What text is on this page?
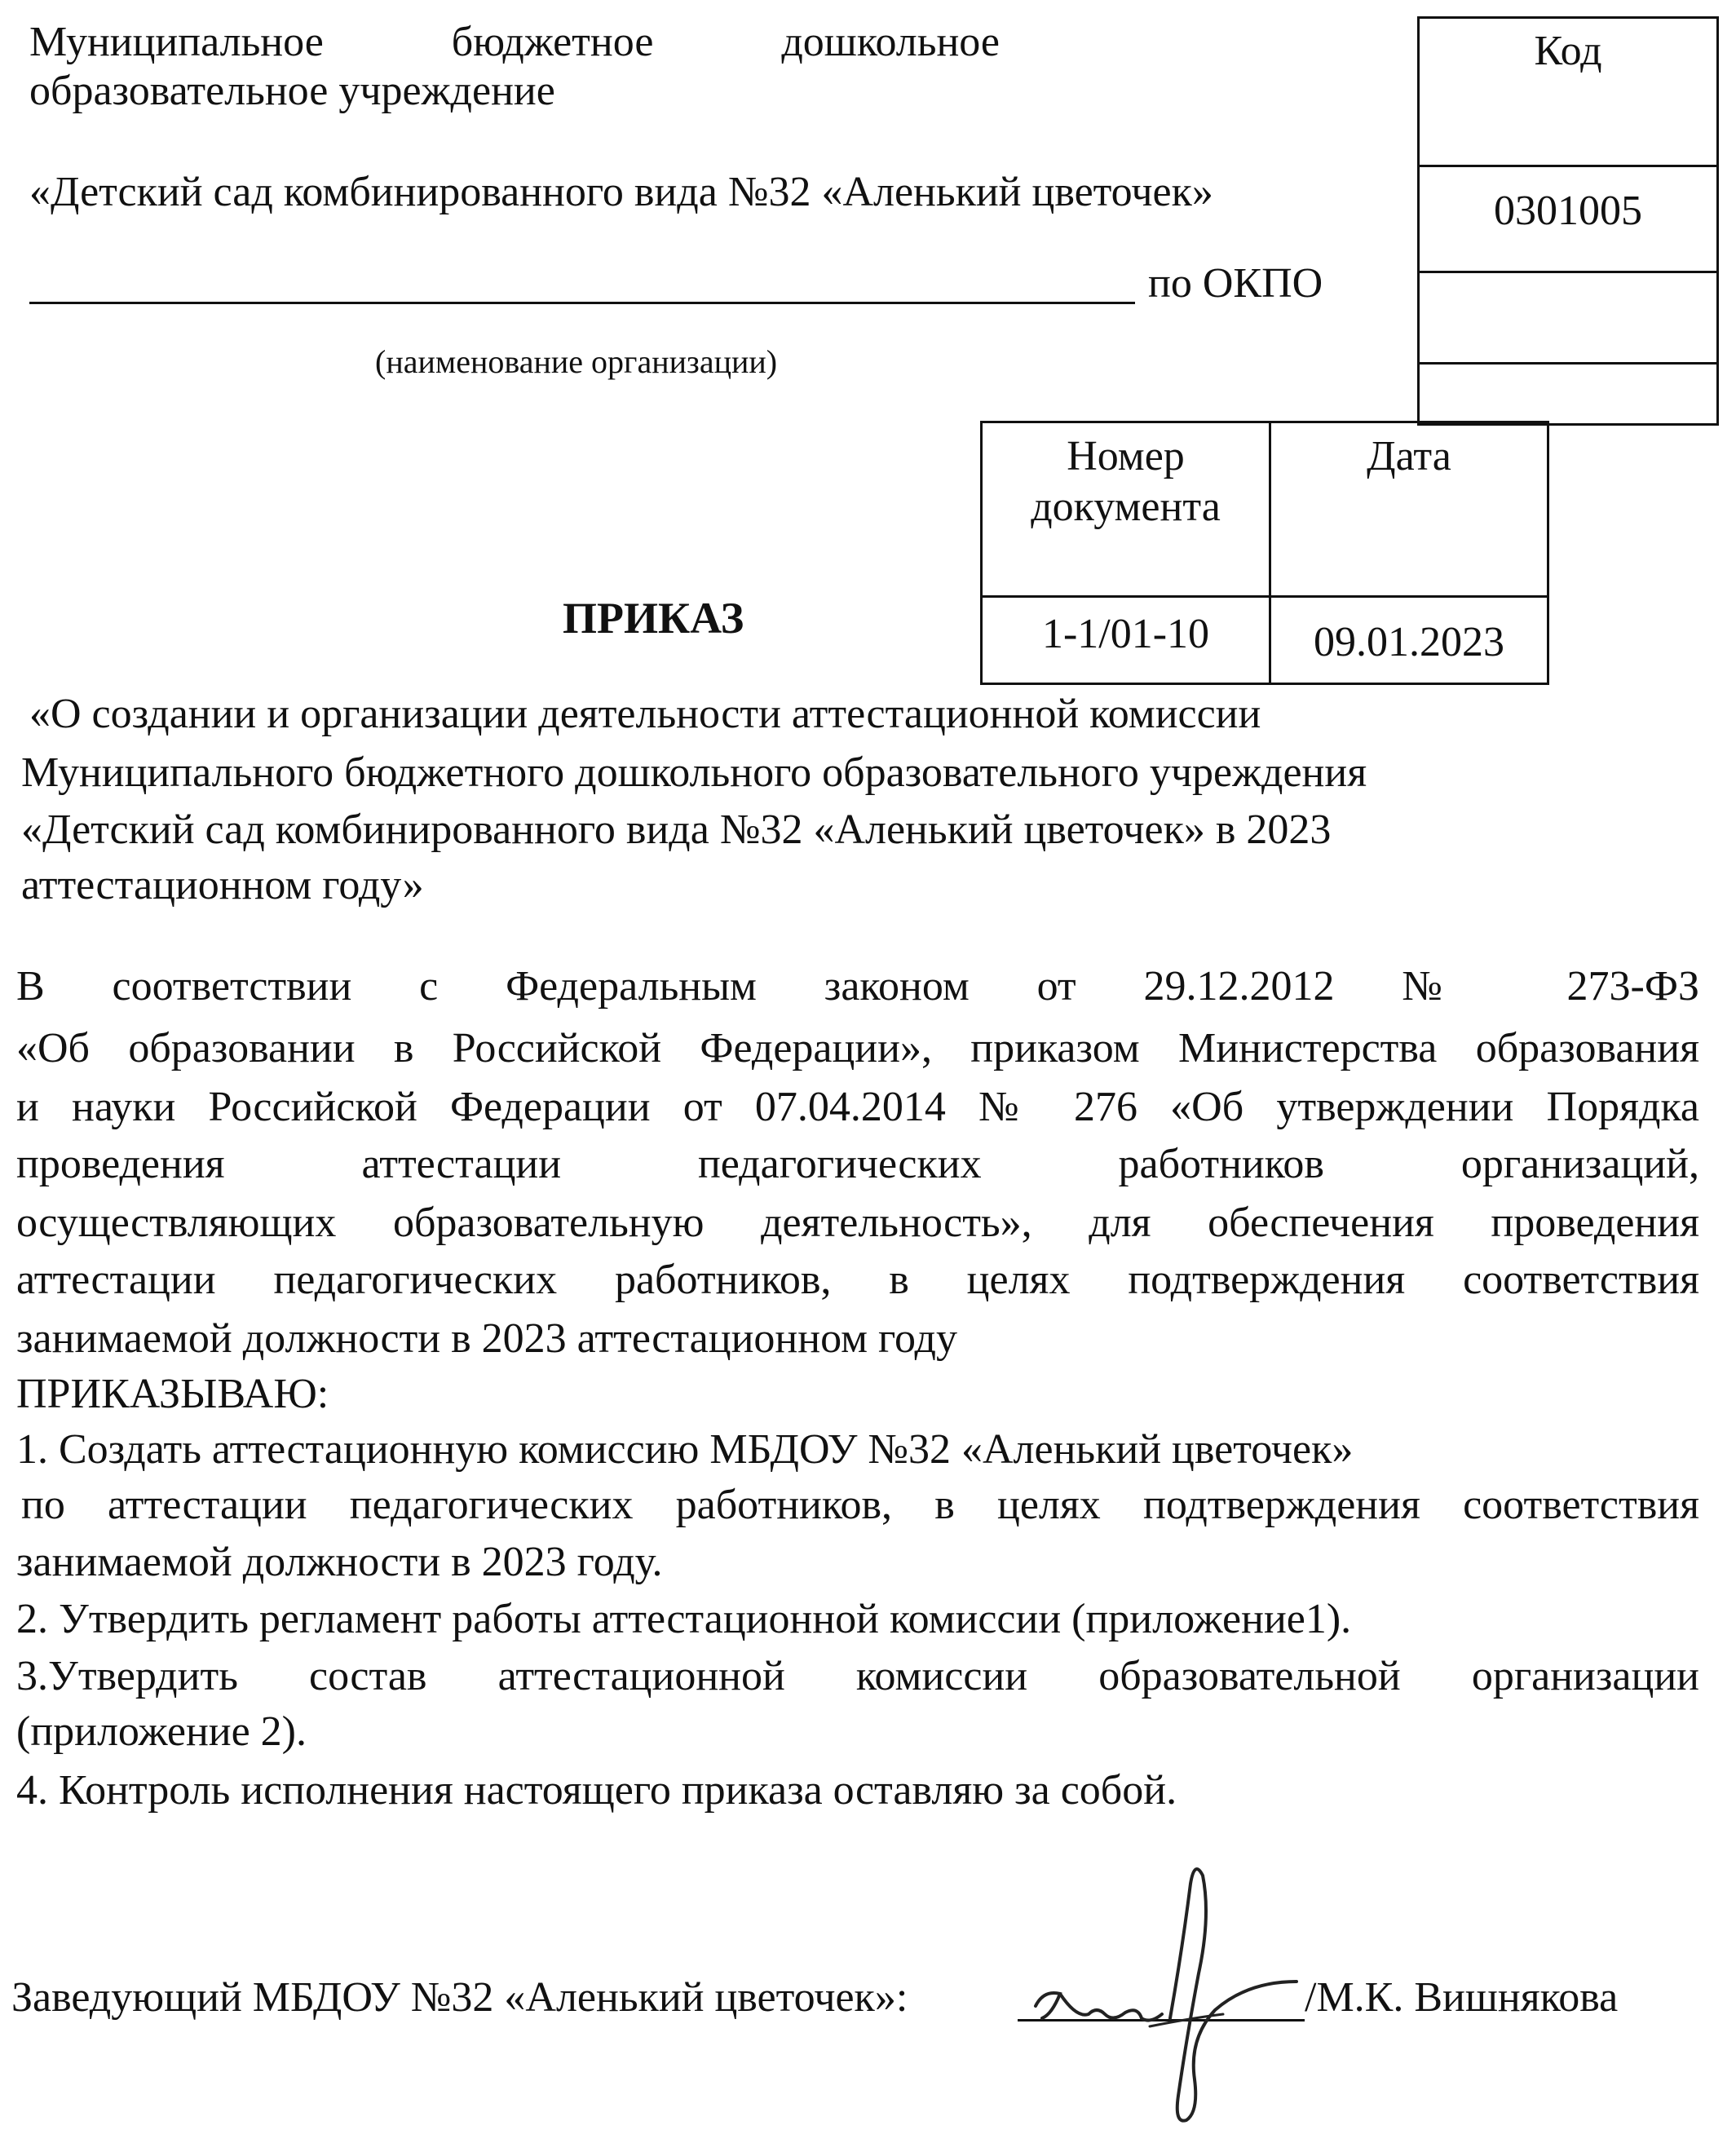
Муниципальное бюджетное дошкольное
образовательное учреждение
«Детский сад комбинированного вида №32 «Аленький цветочек»
по ОКПО
(наименование организации)
Код
0301005
Номер документа
Дата
1-1/01-10	09.01.2023
ПРИКАЗ
«О создании и организации деятельности аттестационной комиссии
Муниципального бюджетного дошкольного образовательного учреждения
«Детский сад комбинированного вида №32 «Аленький цветочек» в 2023
аттестационном году»
В соответствии с Федеральным законом от 29.12.2012 № 273-ФЗ
«Об образовании в Российской Федерации», приказом Министерства образования
и науки Российской Федерации от 07.04.2014 № 276 «Об утверждении Порядка
проведения аттестации педагогических работников организаций,
осуществляющих образовательную деятельность», для обеспечения проведения
аттестации педагогических работников, в целях подтверждения соответствия
занимаемой должности в 2023 аттестационном году
ПРИКАЗЫВАЮ:
1. Создать аттестационную комиссию МБДОУ №32 «Аленький цветочек»
по аттестации педагогических работников, в целях подтверждения соответствия
занимаемой должности в 2023 году.
2. Утвердить регламент работы аттестационной комиссии (приложение1).
3.Утвердить состав аттестационной комиссии образовательной организации
(приложение 2).
4. Контроль исполнения настоящего приказа оставляю за собой.
Заведующий МБДОУ №32 «Аленький цветочек»:	/М.К. Вишнякова
